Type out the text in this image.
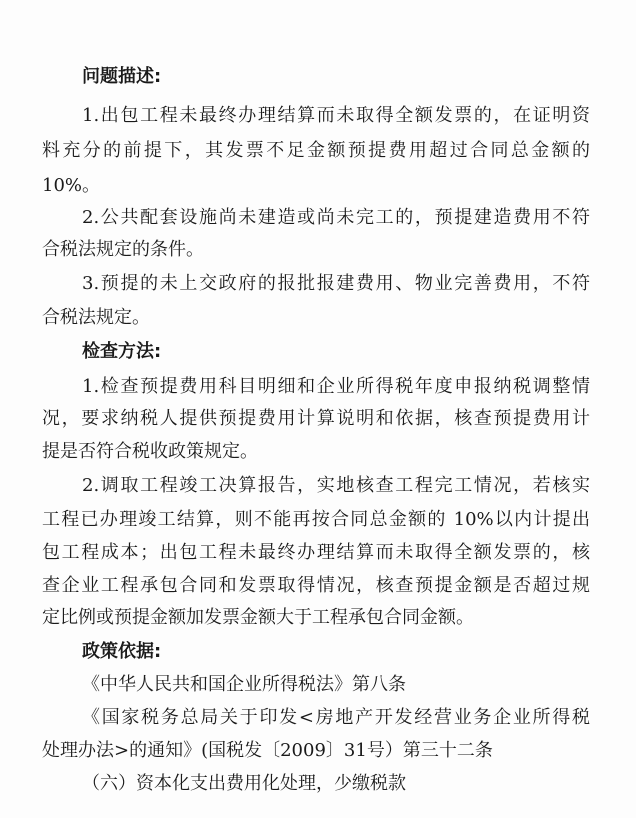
问题描述:
1.出包工程未最终办理结算而未取得全额发票的，在证明资
料充分的前提下，其发票不足金额预提费用超过合同总金额的
10%。
2.公共配套设施尚未建造或尚未完工的，预提建造费用不符
合税法规定的条件。
3.预提的未上交政府的报批报建费用、物业完善费用，不符
合税法规定。
检查方法:
1.检查预提费用科目明细和企业所得税年度申报纳税调整情
况，要求纳税人提供预提费用计算说明和依据，核查预提费用计
提是否符合税收政策规定。
2.调取工程竣工决算报告，实地核查工程完工情况，若核实
工程已办理竣工结算，则不能再按合同总金额的 10%以内计提出
包工程成本；出包工程未最终办理结算而未取得全额发票的，核
查企业工程承包合同和发票取得情况，核查预提金额是否超过规
定比例或预提金额加发票金额大于工程承包合同金额。
政策依据:
《中华人民共和国企业所得税法》第八条
《国家税务总局关于印发<房地产开发经营业务企业所得税
处理办法>的通知》(国税发〔2009〕31号）第三十二条
（六）资本化支出费用化处理，少缴税款
